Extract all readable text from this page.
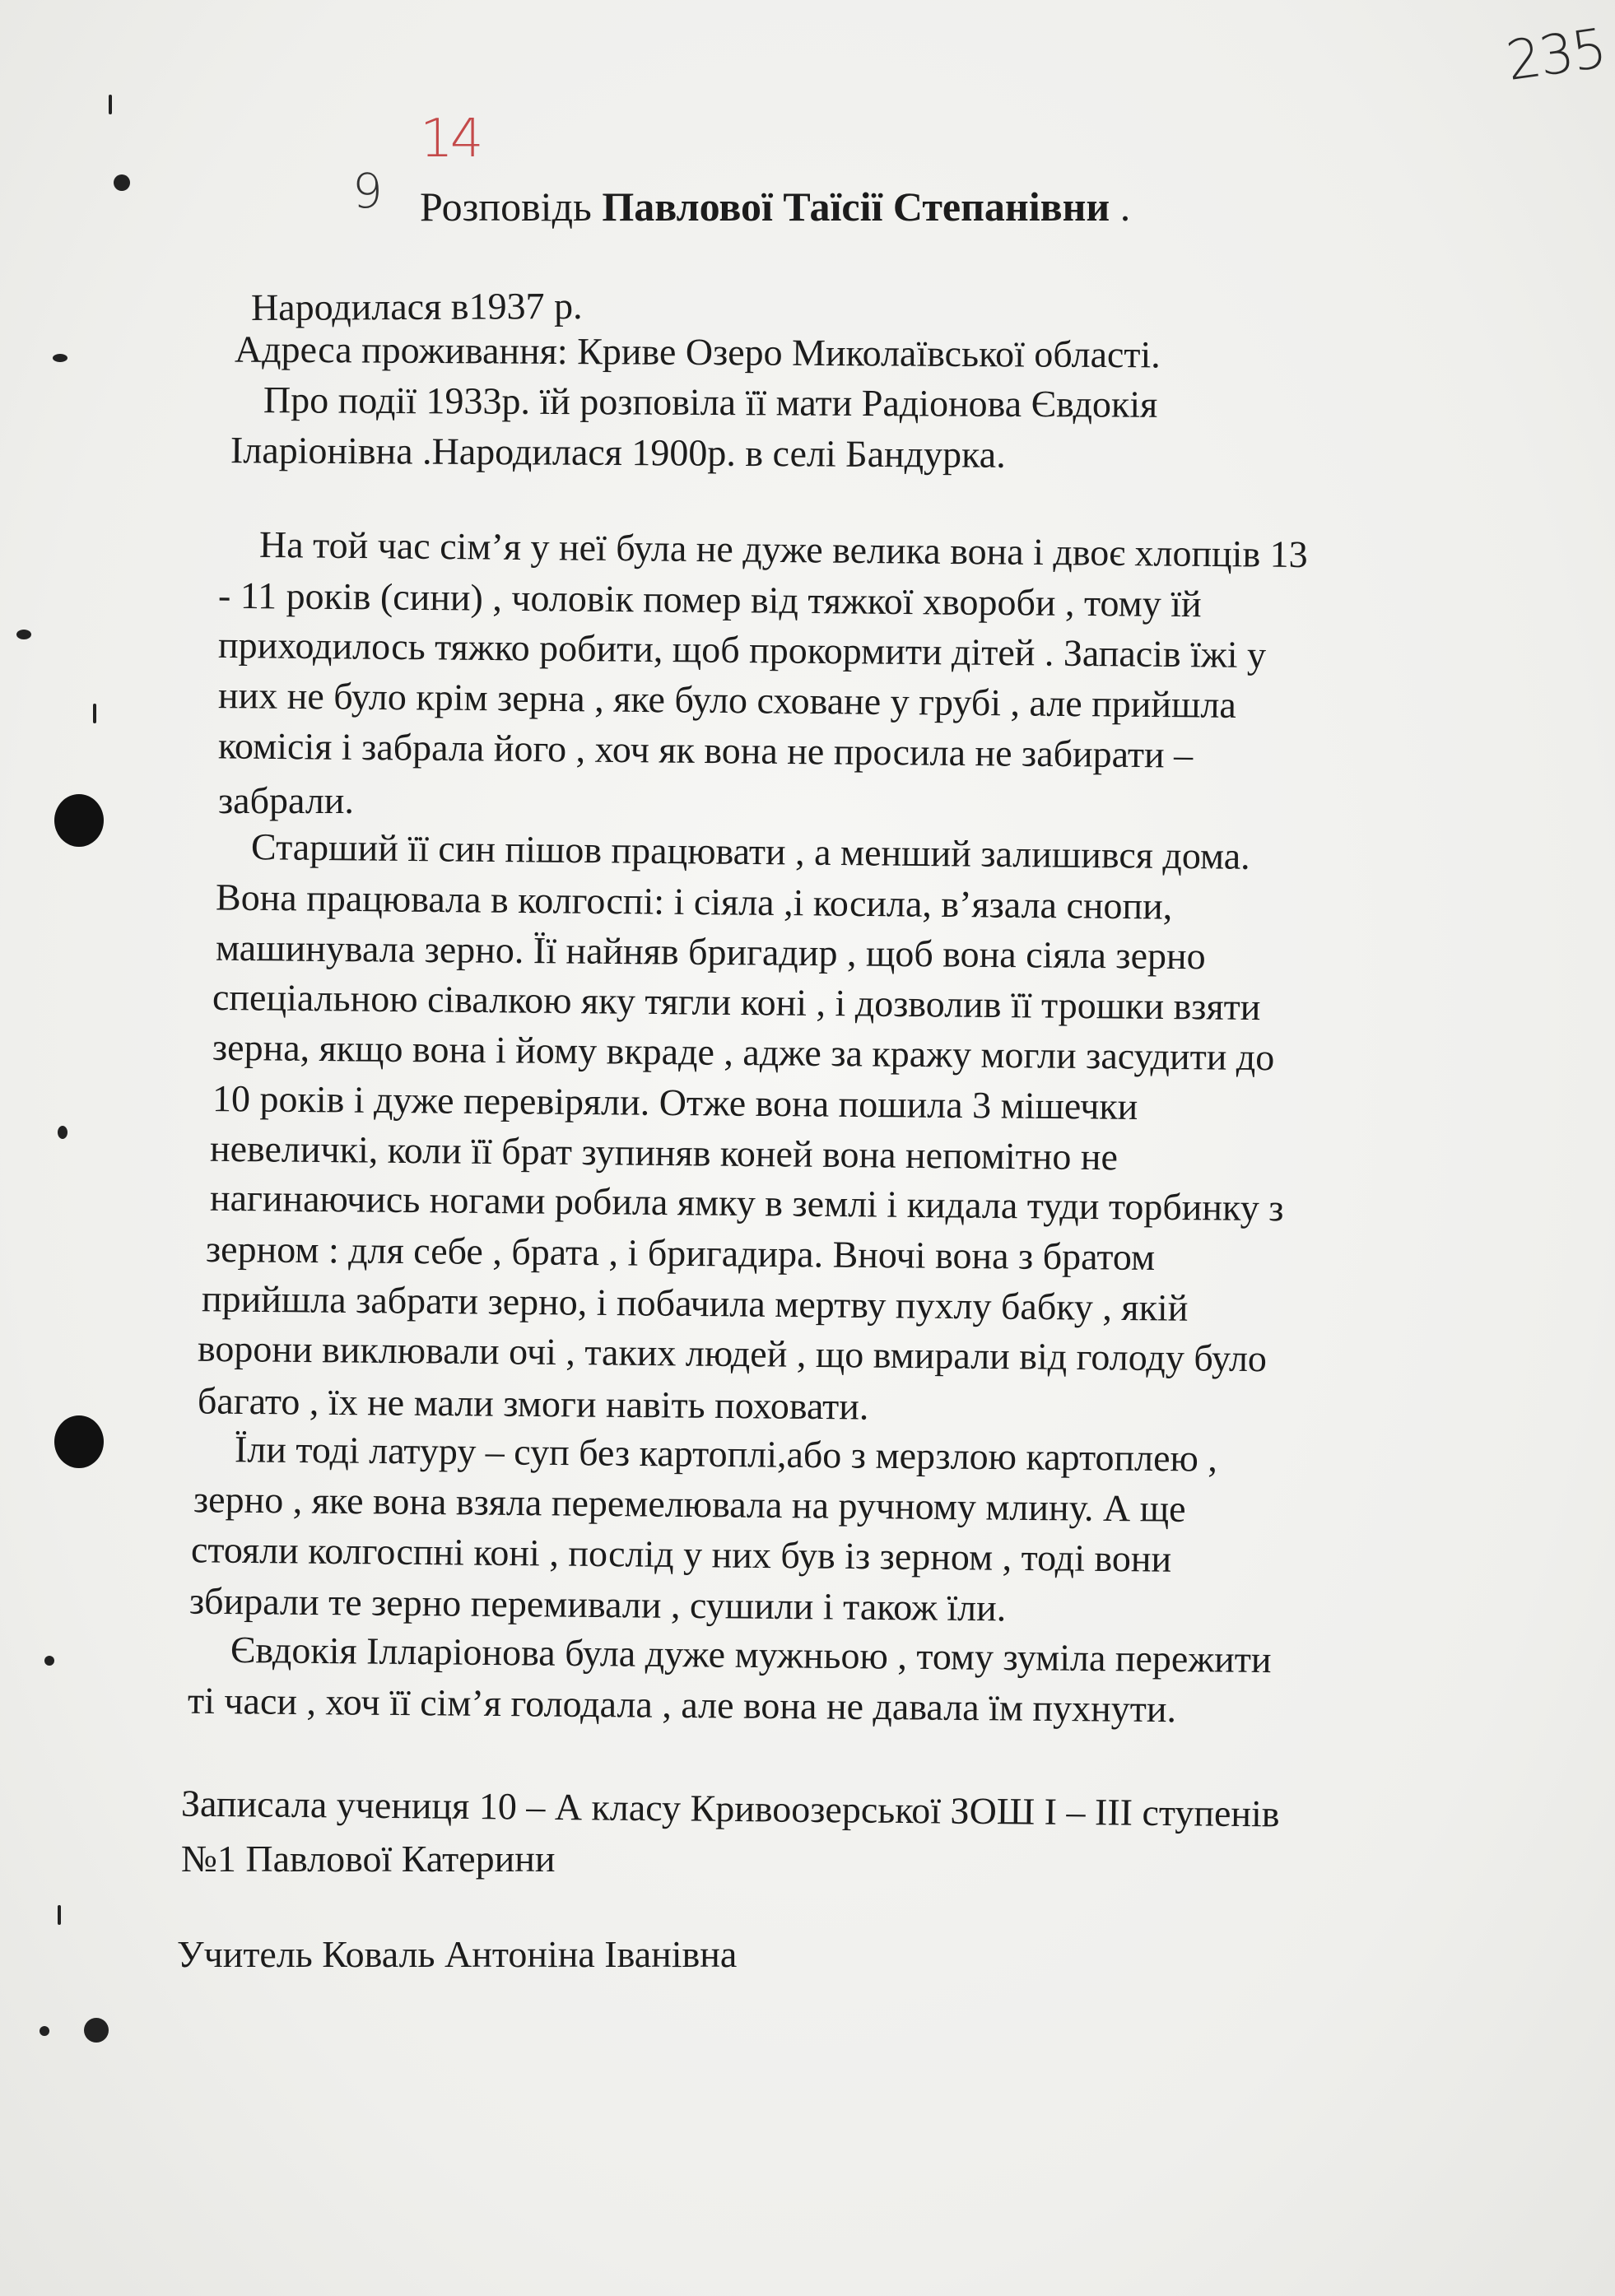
235
14
9 Розповідь Павлової Таїсії Степанівни .
Народилася в1937 р.
Адреса проживання: Криве Озеро Миколаївської області.
Про події 1933р. їй розповіла її мати Радіонова Євдокія
Іларіонівна .Народилася 1900р. в селі Бандурка.
На той час сім’я у неї була не дуже велика вона і двоє хлопців 13
- 11 років (сини) , чоловік помер від тяжкої хвороби , тому їй
приходилось тяжко робити, щоб прокормити дітей . Запасів їжі у
них не було крім зерна , яке було сховане у грубі , але прийшла
комісія і забрала його , хоч як вона не просила не забирати –
забрали.
Старший її син пішов працювати , а менший залишився дома.
Вона працювала в колгоспі: і сіяла ,і косила, в’язала снопи,
машинувала зерно. Її найняв бригадир , щоб вона сіяла зерно
спеціальною сівалкою яку тягли коні , і дозволив її трошки взяти
зерна, якщо вона і йому вкраде , адже за кражу могли засудити до
10 років і дуже перевіряли. Отже вона пошила 3 мішечки
невеличкі, коли її брат зупиняв коней вона непомітно не
нагинаючись ногами робила ямку в землі і кидала туди торбинку з
зерном : для себе , брата , і бригадира. Вночі вона з братом
прийшла забрати зерно, і побачила мертву пухлу бабку , якій
ворони виклювали очі , таких людей , що вмирали від голоду було
багато , їх не мали змоги навіть поховати.
Їли тоді латуру – суп без картоплі,або з мерзлою картоплею ,
зерно , яке вона взяла перемелювала на ручному млину. А ще
стояли колгоспні коні , послід у них був із зерном , тоді вони
збирали те зерно перемивали , сушили і також їли.
Євдокія Ілларіонова була дуже мужньою , тому зуміла пережити
ті часи , хоч її сім’я голодала , але вона не давала їм пухнути.
Записала учениця 10 – А класу Кривоозерської ЗОШ І – ІІІ ступенів
№1 Павлової Катерини
Учитель Коваль Антоніна Іванівна
